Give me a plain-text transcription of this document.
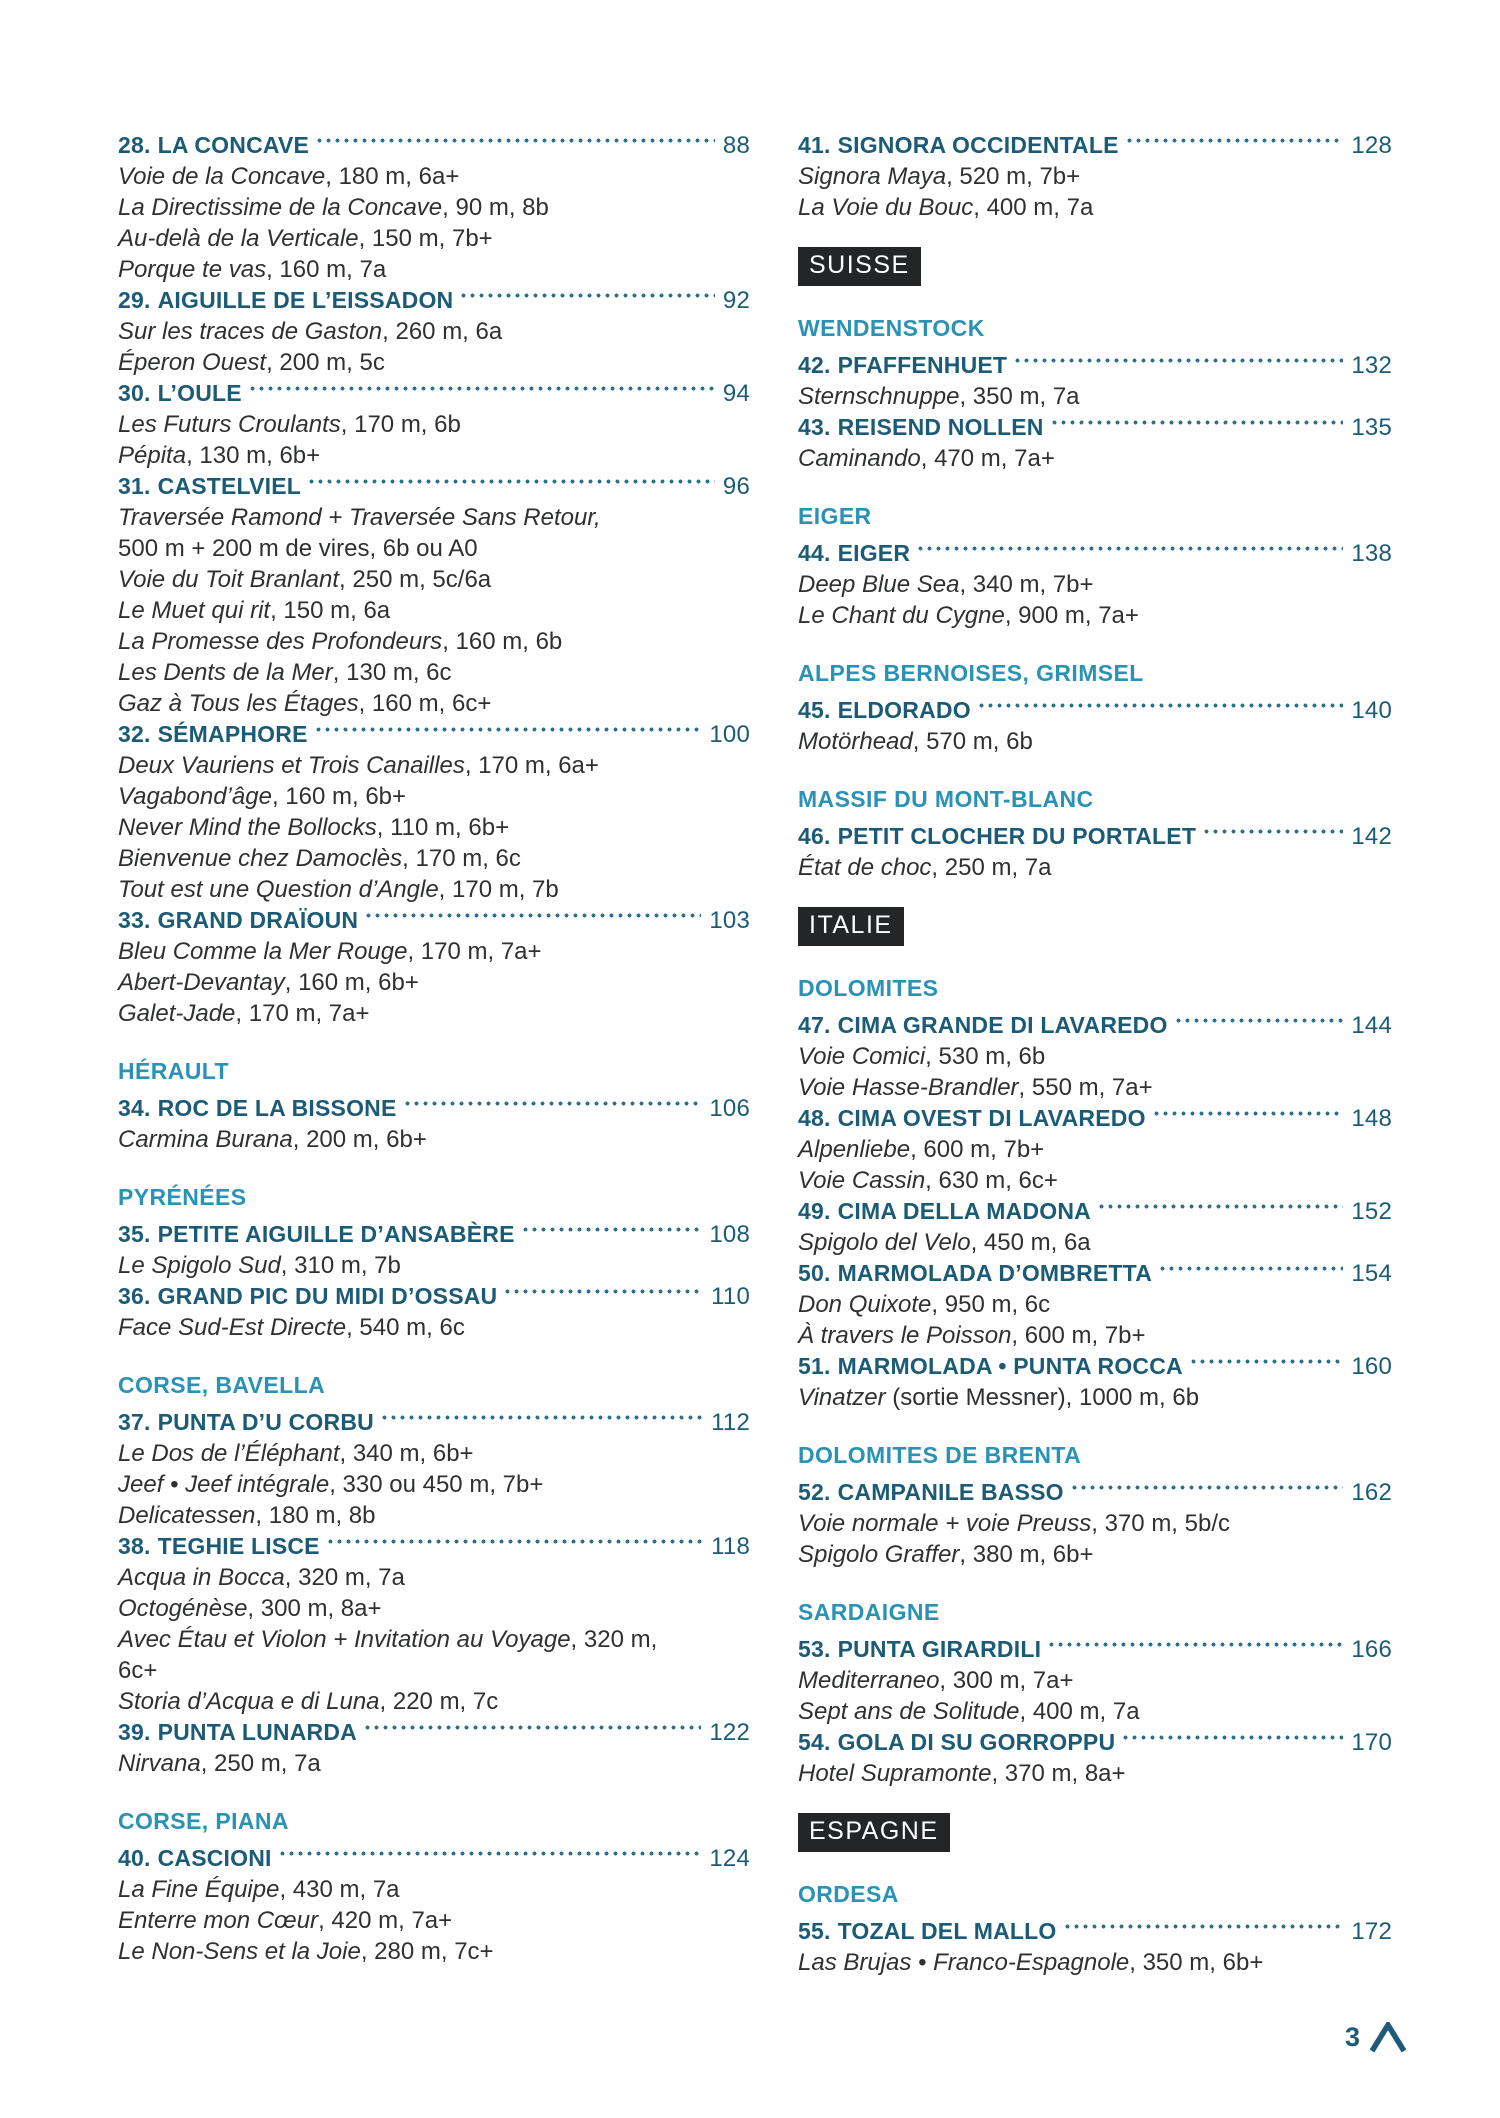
28. LA CONCAVE	88
Voie de la Concave, 180 m, 6a+
La Directissime de la Concave, 90 m, 8b
Au-delà de la Verticale, 150 m, 7b+
Porque te vas, 160 m, 7a
29. AIGUILLE DE L’EISSADON	92
Sur les traces de Gaston, 260 m, 6a
Éperon Ouest, 200 m, 5c
30. L’OULE	94
Les Futurs Croulants, 170 m, 6b
Pépita, 130 m, 6b+
31. CASTELVIEL	96
Traversée Ramond + Traversée Sans Retour,
500 m + 200 m de vires, 6b ou A0
Voie du Toit Branlant, 250 m, 5c/6a
Le Muet qui rit, 150 m, 6a
La Promesse des Profondeurs, 160 m, 6b
Les Dents de la Mer, 130 m, 6c
Gaz à Tous les Étages, 160 m, 6c+
32. SÉMAPHORE	100
Deux Vauriens et Trois Canailles, 170 m, 6a+
Vagabond’âge, 160 m, 6b+
Never Mind the Bollocks, 110 m, 6b+
Bienvenue chez Damoclès, 170 m, 6c
Tout est une Question d’Angle, 170 m, 7b
33. GRAND DRAÏOUN	103
Bleu Comme la Mer Rouge, 170 m, 7a+
Abert-Devantay, 160 m, 6b+
Galet-Jade, 170 m, 7a+
HÉRAULT
34. ROC DE LA BISSONE	106
Carmina Burana, 200 m, 6b+
PYRÉNÉES
35. PETITE AIGUILLE D’ANSABÈRE	108
Le Spigolo Sud, 310 m, 7b
36. GRAND PIC DU MIDI D’OSSAU	110
Face Sud-Est Directe, 540 m, 6c
CORSE, BAVELLA
37. PUNTA D’U CORBU	112
Le Dos de l’Éléphant, 340 m, 6b+
Jeef • Jeef intégrale, 330 ou 450 m, 7b+
Delicatessen, 180 m, 8b
38. TEGHIE LISCE	118
Acqua in Bocca, 320 m, 7a
Octogénèse, 300 m, 8a+
Avec Étau et Violon + Invitation au Voyage, 320 m,
6c+
Storia d’Acqua e di Luna, 220 m, 7c
39. PUNTA LUNARDA	122
Nirvana, 250 m, 7a
CORSE, PIANA
40. CASCIONI	124
La Fine Équipe, 430 m, 7a
Enterre mon Cœur, 420 m, 7a+
Le Non-Sens et la Joie, 280 m, 7c+
41. SIGNORA OCCIDENTALE	128
Signora Maya, 520 m, 7b+
La Voie du Bouc, 400 m, 7a
SUISSE
WENDENSTOCK
42. PFAFFENHUET	132
Sternschnuppe, 350 m, 7a
43. REISEND NOLLEN	135
Caminando, 470 m, 7a+
EIGER
44. EIGER	138
Deep Blue Sea, 340 m, 7b+
Le Chant du Cygne, 900 m, 7a+
ALPES BERNOISES, GRIMSEL
45. ELDORADO	140
Motörhead, 570 m, 6b
MASSIF DU MONT-BLANC
46. PETIT CLOCHER DU PORTALET	142
État de choc, 250 m, 7a
ITALIE
DOLOMITES
47. CIMA GRANDE DI LAVAREDO	144
Voie Comici, 530 m, 6b
Voie Hasse-Brandler, 550 m, 7a+
48. CIMA OVEST DI LAVAREDO	148
Alpenliebe, 600 m, 7b+
Voie Cassin, 630 m, 6c+
49. CIMA DELLA MADONA	152
Spigolo del Velo, 450 m, 6a
50. MARMOLADA D’OMBRETTA	154
Don Quixote, 950 m, 6c
À travers le Poisson, 600 m, 7b+
51. MARMOLADA • PUNTA ROCCA	160
Vinatzer (sortie Messner), 1000 m, 6b
DOLOMITES DE BRENTA
52. CAMPANILE BASSO	162
Voie normale + voie Preuss, 370 m, 5b/c
Spigolo Graffer, 380 m, 6b+
SARDAIGNE
53. PUNTA GIRARDILI	166
Mediterraneo, 300 m, 7a+
Sept ans de Solitude, 400 m, 7a
54. GOLA DI SU GORROPPU	170
Hotel Supramonte, 370 m, 8a+
ESPAGNE
ORDESA
55. TOZAL DEL MALLO	172
Las Brujas • Franco-Espagnole, 350 m, 6b+
3
